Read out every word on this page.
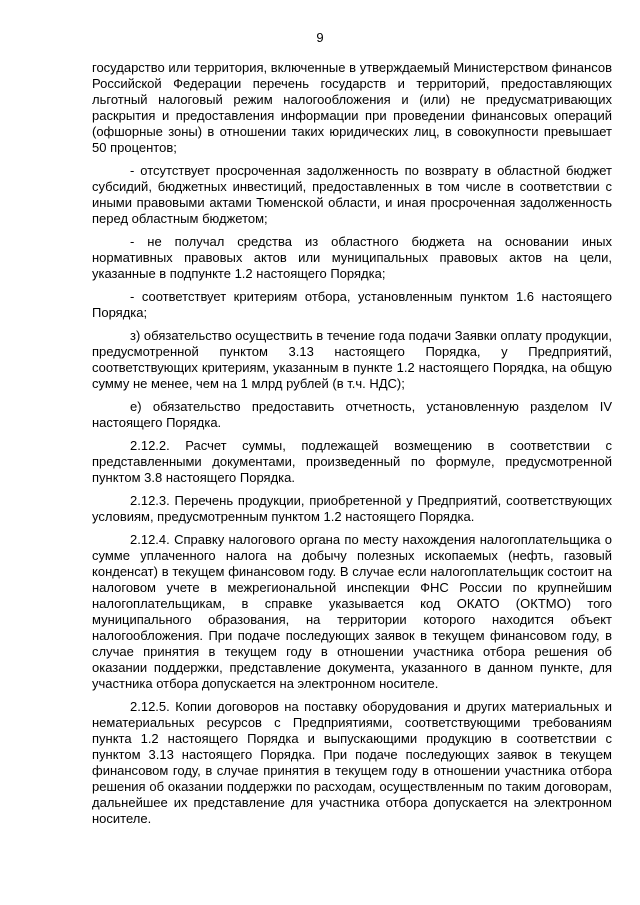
9

государство или территория, включенные в утверждаемый Министерством финансов Российской Федерации перечень государств и территорий, предоставляющих льготный налоговый режим налогообложения и (или) не предусматривающих раскрытия и предоставления информации при проведении финансовых операций (офшорные зоны) в отношении таких юридических лиц, в совокупности превышает 50 процентов;

- отсутствует просроченная задолженность по возврату в областной бюджет субсидий, бюджетных инвестиций, предоставленных в том числе в соответствии с иными правовыми актами Тюменской области, и иная просроченная задолженность перед областным бюджетом;

- не получал средства из областного бюджета на основании иных нормативных правовых актов или муниципальных правовых актов на цели, указанные в подпункте 1.2 настоящего Порядка;

- соответствует критериям отбора, установленным пунктом 1.6 настоящего Порядка;

з) обязательство осуществить в течение года подачи Заявки оплату продукции, предусмотренной пунктом 3.13 настоящего Порядка, у Предприятий, соответствующих критериям, указанным в пункте 1.2 настоящего Порядка, на общую сумму не менее, чем на 1 млрд рублей (в т.ч. НДС);

е) обязательство предоставить отчетность, установленную разделом IV настоящего Порядка.

2.12.2. Расчет суммы, подлежащей возмещению в соответствии с представленными документами, произведенный по формуле, предусмотренной пунктом 3.8 настоящего Порядка.

2.12.3. Перечень продукции, приобретенной у Предприятий, соответствующих условиям, предусмотренным пунктом 1.2 настоящего Порядка.

2.12.4. Справку налогового органа по месту нахождения налогоплательщика о сумме уплаченного налога на добычу полезных ископаемых (нефть, газовый конденсат) в текущем финансовом году. В случае если налогоплательщик состоит на налоговом учете в межрегиональной инспекции ФНС России по крупнейшим налогоплательщикам, в справке указывается код ОКАТО (ОКТМО) того муниципального образования, на территории которого находится объект налогообложения. При подаче последующих заявок в текущем финансовом году, в случае принятия в текущем году в отношении участника отбора решения об оказании поддержки, представление документа, указанного в данном пункте, для участника отбора допускается на электронном носителе.

2.12.5. Копии договоров на поставку оборудования и других материальных и нематериальных ресурсов с Предприятиями, соответствующими требованиям пункта 1.2 настоящего Порядка и выпускающими продукцию в соответствии с пунктом 3.13 настоящего Порядка. При подаче последующих заявок в текущем финансовом году, в случае принятия в текущем году в отношении участника отбора решения об оказании поддержки по расходам, осуществленным по таким договорам, дальнейшее их представление для участника отбора допускается на электронном носителе.
